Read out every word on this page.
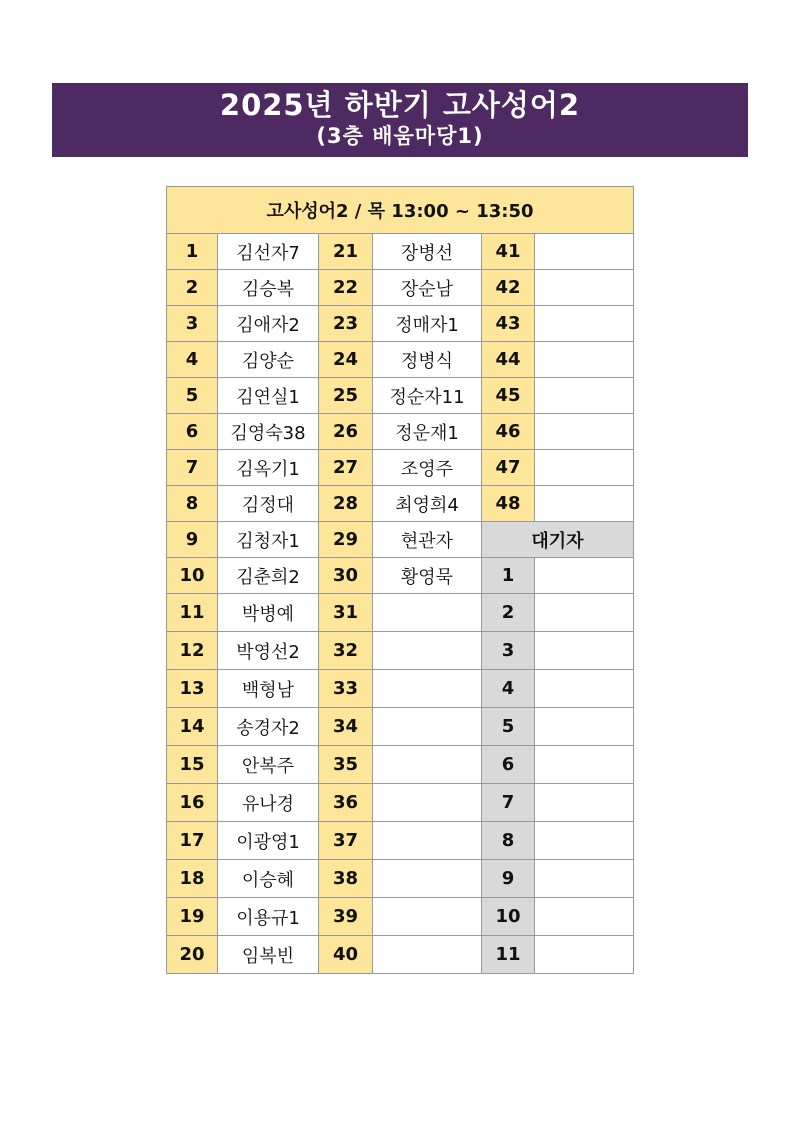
2025년 하반기 고사성어2
(3층 배움마당1)
고사성어2 / 목 13:00 ~ 13:50					
1	김선자7	21	장병선	41	
2	김승복	22	장순남	42	
3	김애자2	23	정매자1	43	
4	김양순	24	정병식	44	
5	김연실1	25	정순자11	45	
6	김영숙38	26	정운재1	46	
7	김옥기1	27	조영주	47	
8	김정대	28	최영희4	48	
9	김청자1	29	현관자	대기자	
10	김춘희2	30	황영묵	1	
11	박병예	31		2	
12	박영선2	32		3	
13	백형남	33		4	
14	송경자2	34		5	
15	안복주	35		6	
16	유나경	36		7	
17	이광영1	37		8	
18	이승혜	38		9	
19	이용규1	39		10	
20	임복빈	40		11	
